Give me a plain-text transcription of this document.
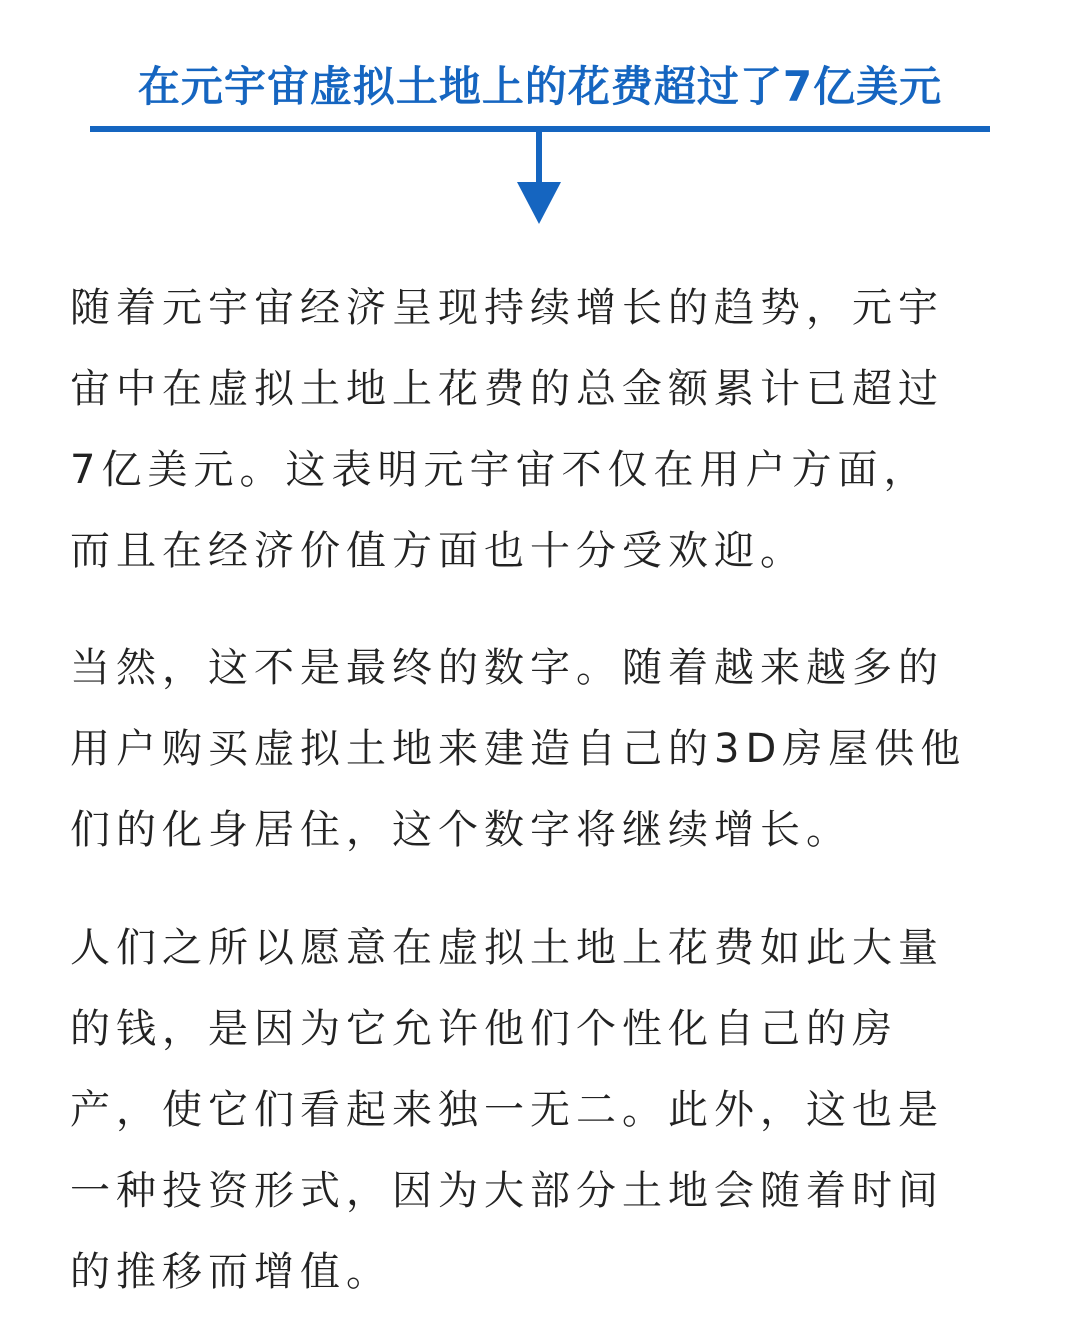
在元宇宙虚拟土地上的花费超过了7亿美元
随着元宇宙经济呈现持续增长的趋势，元宇
宙中在虚拟土地上花费的总金额累计已超过
7亿美元。这表明元宇宙不仅在用户方面，
而且在经济价值方面也十分受欢迎。
当然，这不是最终的数字。随着越来越多的
用户购买虚拟土地来建造自己的3D房屋供他
们的化身居住，这个数字将继续增长。
人们之所以愿意在虚拟土地上花费如此大量
的钱，是因为它允许他们个性化自己的房
产，使它们看起来独一无二。此外，这也是
一种投资形式，因为大部分土地会随着时间
的推移而增值。
